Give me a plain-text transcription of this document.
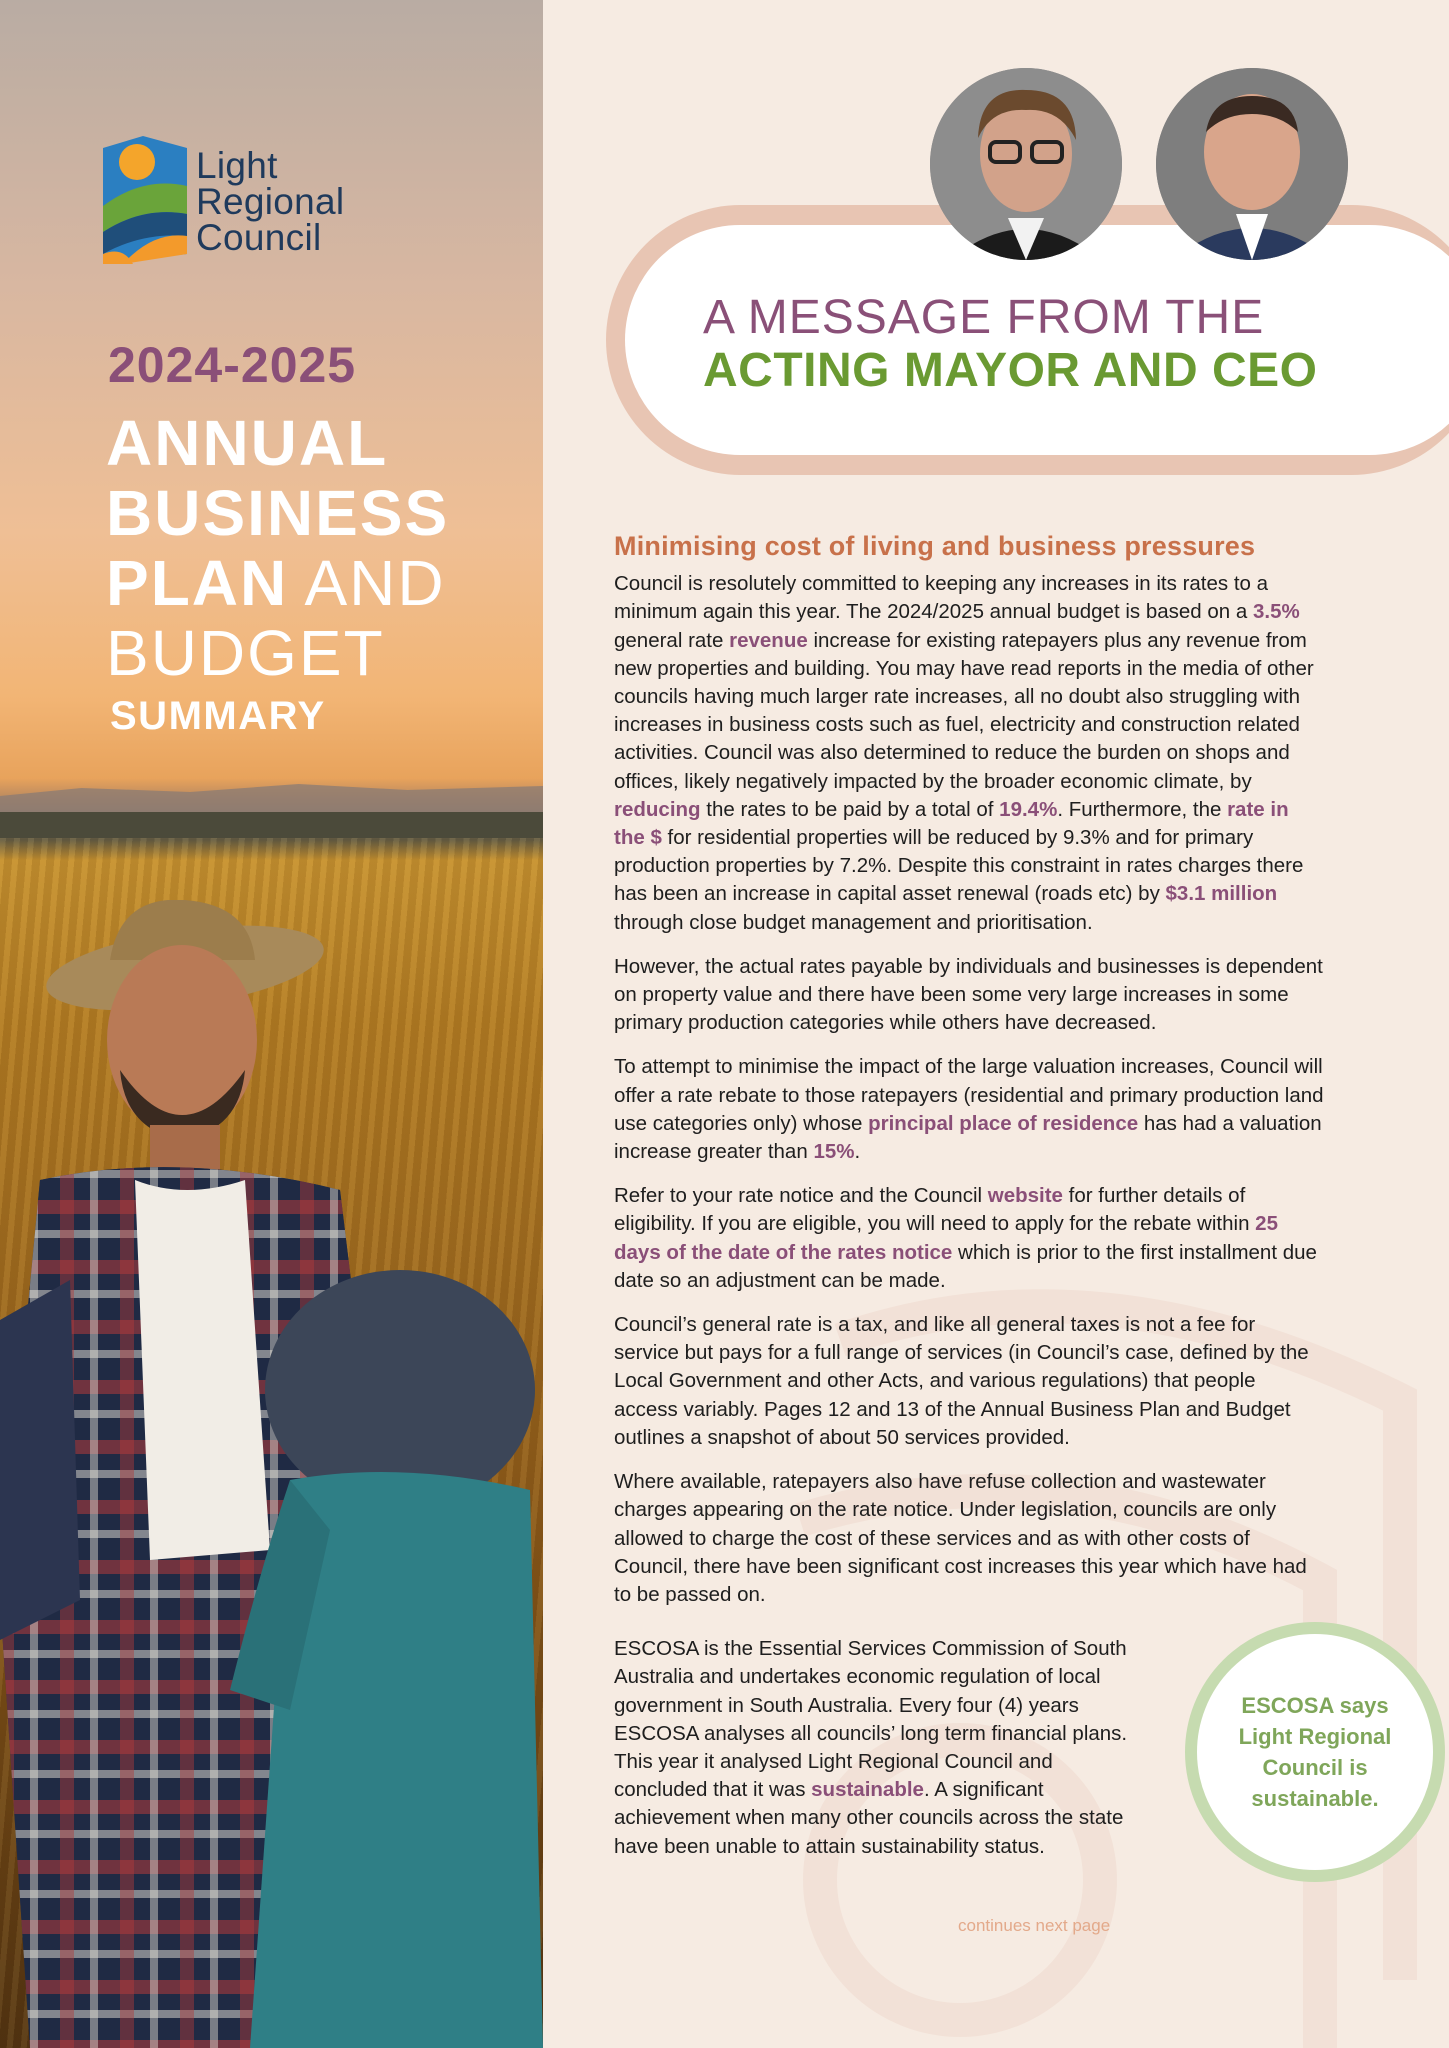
Light
Regional
Council
2024-2025
ANNUAL
BUSINESS
PLAN AND
BUDGET
SUMMARY
A MESSAGE FROM THE
ACTING MAYOR AND CEO
Minimising cost of living and business pressures

Council is resolutely committed to keeping any increases in its rates to a minimum again this year. The 2024/2025 annual budget is based on a 3.5% general rate revenue increase for existing ratepayers plus any revenue from new properties and building. You may have read reports in the media of other councils having much larger rate increases, all no doubt also struggling with increases in business costs such as fuel, electricity and construction related activities. Council was also determined to reduce the burden on shops and offices, likely negatively impacted by the broader economic climate, by reducing the rates to be paid by a total of 19.4%. Furthermore, the rate in the $ for residential properties will be reduced by 9.3% and for primary production properties by 7.2%. Despite this constraint in rates charges there has been an increase in capital asset renewal (roads etc) by $3.1 million through close budget management and prioritisation.

However, the actual rates payable by individuals and businesses is dependent on property value and there have been some very large increases in some primary production categories while others have decreased.

To attempt to minimise the impact of the large valuation increases, Council will offer a rate rebate to those ratepayers (residential and primary production land use categories only) whose principal place of residence has had a valuation increase greater than 15%.

Refer to your rate notice and the Council website for further details of eligibility. If you are eligible, you will need to apply for the rebate within 25 days of the date of the rates notice which is prior to the first installment due date so an adjustment can be made.

Council’s general rate is a tax, and like all general taxes is not a fee for service but pays for a full range of services (in Council’s case, defined by the Local Government and other Acts, and various regulations) that people access variably. Pages 12 and 13 of the Annual Business Plan and Budget outlines a snapshot of about 50 services provided.

Where available, ratepayers also have refuse collection and wastewater charges appearing on the rate notice. Under legislation, councils are only allowed to charge the cost of these services and as with other costs of Council, there have been significant cost increases this year which have had to be passed on.

ESCOSA is the Essential Services Commission of South Australia and undertakes economic regulation of local government in South Australia. Every four (4) years ESCOSA analyses all councils’ long term financial plans. This year it analysed Light Regional Council and concluded that it was sustainable. A significant achievement when many other councils across the state have been unable to attain sustainability status.

continues next page
ESCOSA says Light Regional Council is sustainable.
